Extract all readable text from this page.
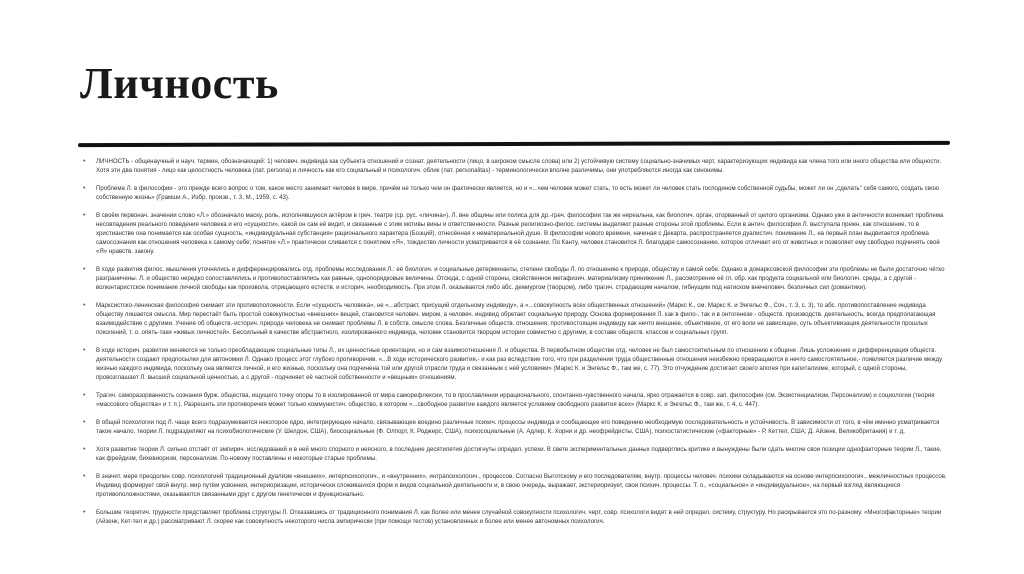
Личность
• ЛИЧНОСТЬ - общенаучный и науч. термин, обозначающий: 1) человеч. индивида как субъекта отношений и сознат. деятельности (лицо, в широком смысле слова) или 2) устойчивую систему социально-значимых черт, характеризующих индивида как члена того или иного общества или общности. Хотя эти два понятия - лицо как целостность человека (лат. persona) и личность как его социальный и психологич. облик (лат. personalitas) - терминологически вполне различимы, они употребляются иногда как синонимы.
• Проблема Л. в философии - это прежде всего вопрос о том, какое место занимает человек в мире, причём не только чем он фактически является, но и «...чем человек может стать, то есть может ли человек стать господином собственной судьбы, может ли он „сделать" себя самого, создать свою собственную жизнь» (Грамши А., Избр. произв., т. 3, М., 1959, с. 43).
• В своём первонач. значении слово «Л.» обозначало маску, роль, исполнявшуюся актёром в греч. театре (ср. рус. «личина»). Л. вне общины или полиса для др.-греч. философии так же нереальна, как биологич. орган, оторванный от целого организма. Однако уже в античности возникает проблема несовпадения реального поведения человека и его «сущности», какой он сам её видит, и связанные с этим мотивы вины и ответственности. Разные религиозно-филос. системы выделяют разные стороны этой проблемы. Если в антич. философии Л. выступала прежн. как отношение, то в христианстве она понимается как особая сущность, «индивидуальная субстанция» рационального характера (Боэций), отнесённая к нематериальной душе. В философии нового времени, начиная с Декарта, распространяется дуалистич. понимание Л., на первый план выдвигается проблема самосознания как отношения человека к самому себе; понятие «Л.» практически сливается с понятием «Я», тождество личности усматривается в её сознании. По Канту, человек становится Л. благодаря самосознанию, которое отличает его от животных и позволяет ему свободно подчинять своё «Я» нравств. закону.
• В ходе развития филос. мышления уточнялись и дифференцировались отд. проблемы исследования Л.: её биологич. и социальные детерминанты, степени свободы Л. по отношению к природе, обществу и самой себе. Однако в домарксовской философии эти проблемы не были достаточно чётко разграничены. Л. и общество нередко сопоставлялись и противопоставлялись как равные, однопорядковые величины. Отсюда, с одной стороны, свойственное метафизич. материализму принижение Л., рассмотрение её гл. обр. как продукта социальной или биологич. среды, а с другой - волюнтаристское понимание личной свободы как произвола, отрицающего естеств. и историч. необходимость. При этом Л. оказывается либо абс. демиургом (творцом), либо трагич. страдающим началом, гибнущим под натиском внечеловеч. безличных сил (романтики).
• Марксистско-ленинская философия снимает эти противоположности. Если «сущность человека», не «...абстракт, присущий отдельному индивиду», а «...совокупность всех общественных отношений» (Маркс К., см. Маркс К. и Энгельс Ф., Соч., т. 3, с. 3), то абс. противопоставление индивида обществу лишается смысла. Мир перестаёт быть простой совокупностью «внешних» вещей, становится человеч. миром, а человеч. индивид обретает социальную природу. Основа формирования Л. как в филo-, так и в онтогенезе - обществ. производств. деятельность, всегда предполагающая взаимодействие с другими. Учение об обществ.-историч. природе человека не снимает проблемы Л. в собств. смысле слова. Безличные обществ. отношения, противостоящие индивиду как нечто внешнее, объективное, от его воли не зависящее, суть объективизация деятельности прошлых поколений, т. о. опять-таки «живых личностей». Бессильный в качестве абстрактного, изолированного индивида, человек становится творцом истории совместно с другими, в составе обществ. классов и социальных групп.
• В ходе историч. развития меняются не только преобладающие социальные типы Л., их ценностные ориентации, но и сам взаимоотношения Л. и общества. В первобытном обществе отд. человек не был самостоятельным по отношению к общине. Лишь усложнение и дифференциация обществ. деятельности создают предпосылки для автономии Л. Однако процесс этот глубоко противоречив. «...В ходе исторического развития,- и как раз вследствие того, что при разделении труда общественные отношения неизбежно превращаются в нечто самостоятельное,- появляется различие между жизнью каждого индивида, поскольку она является личной, и его жизнью, поскольку она подчинена той или другой отрасли труда и связанным с ней условиям» (Маркс К. и Энгельс Ф., там же, с. 77). Это отчуждение достигает своего апогея при капитализме, который, с одной стороны, провозглашает Л. высшей социальной ценностью, а с другой - подчиняет её частной собственности и «вещным» отношениям.
• Трагич. саморазорванность сознания бурж. общества, ищущего точку опоры то в изолированной от мира саморефлексии, то в прославлении иррационального, спонтанно-чувственного начала, ярко отражается в совр. зап. философии (см. Экзистенциализм, Персонализм) и социологии (теория «массового общества» и т. п.). Разрешить эти противоречия может только коммунистич. общество, в котором «...свободное развитие каждого является условием свободного развития всех» (Маркс К. и Энгельс Ф., там же, т. 4, с. 447).
• В общей психологии под Л. чаще всего подразумевается некоторое ядро, интегрирующее начало, связывающее воедино различные психич. процессы индивида и сообщающее его поведению необходимую последовательность и устойчивость. В зависимости от того, в чём именно усматривается такое начало, теории Л. подразделяют на психобиологические (У. Шелдон, США), биосоциальные (Ф. Олпорт, К. Роджерс, США), психосоциальные (А. Адлер, К. Хорни и др. неофрейдисты, США), психостатистические («факторные» - Р. Кеттел, США; Д. Айзенк, Великобритания) и т. д.
• Хотя развитие теории Л. сильно отстаёт от эмпирич. исследований и в ней много спорного и неясного, в последние десятилетия достигнуты определ. успехи. В свете экспериментальных данных подверглись критике и вынуждены были сдать многие свои позиции однофакторные теории Л., такие, как фрейдизм, бихевиоризм, персонализм. По-новому поставлены и некоторые старые проблемы.
• В значит. мере преодолен совр. психологией традиционный дуализм «внешних», интерпсихологич., и «внутренних», интрапсихологич., процессов. Согласно Выготскому и его последователям, внутр. процессы человеч. психики складываются на основе интерпсихологич., межличностных процессов. Индивид формирует свой внутр. мир путём усвоения, интериоризации, исторически сложившихся форм и видов социальной деятельности и, в свою очередь, выражает, экстериоризует, свои психич. процессы. Т. о., «социальное» и «индивидуальное», на первый взгляд являющиеся противоположностями, оказываются связанными друг с другом генетически и функционально.
• Большие теоретич. трудности представляет проблема структуры Л. Отказавшись от традиционного понимания Л. как более или менее случайной совокупности психологич. черт, совр. психологи видят в ней определ. систему, структуру. Но раскрывается это по-разному. «Многофакторные» теории (Айзенк, Кет-тел и др.) рассматривают Л. скорее как совокупность некоторого числа эмпирически (при помощи тестов) установленных и более или менее автономных психологич.
